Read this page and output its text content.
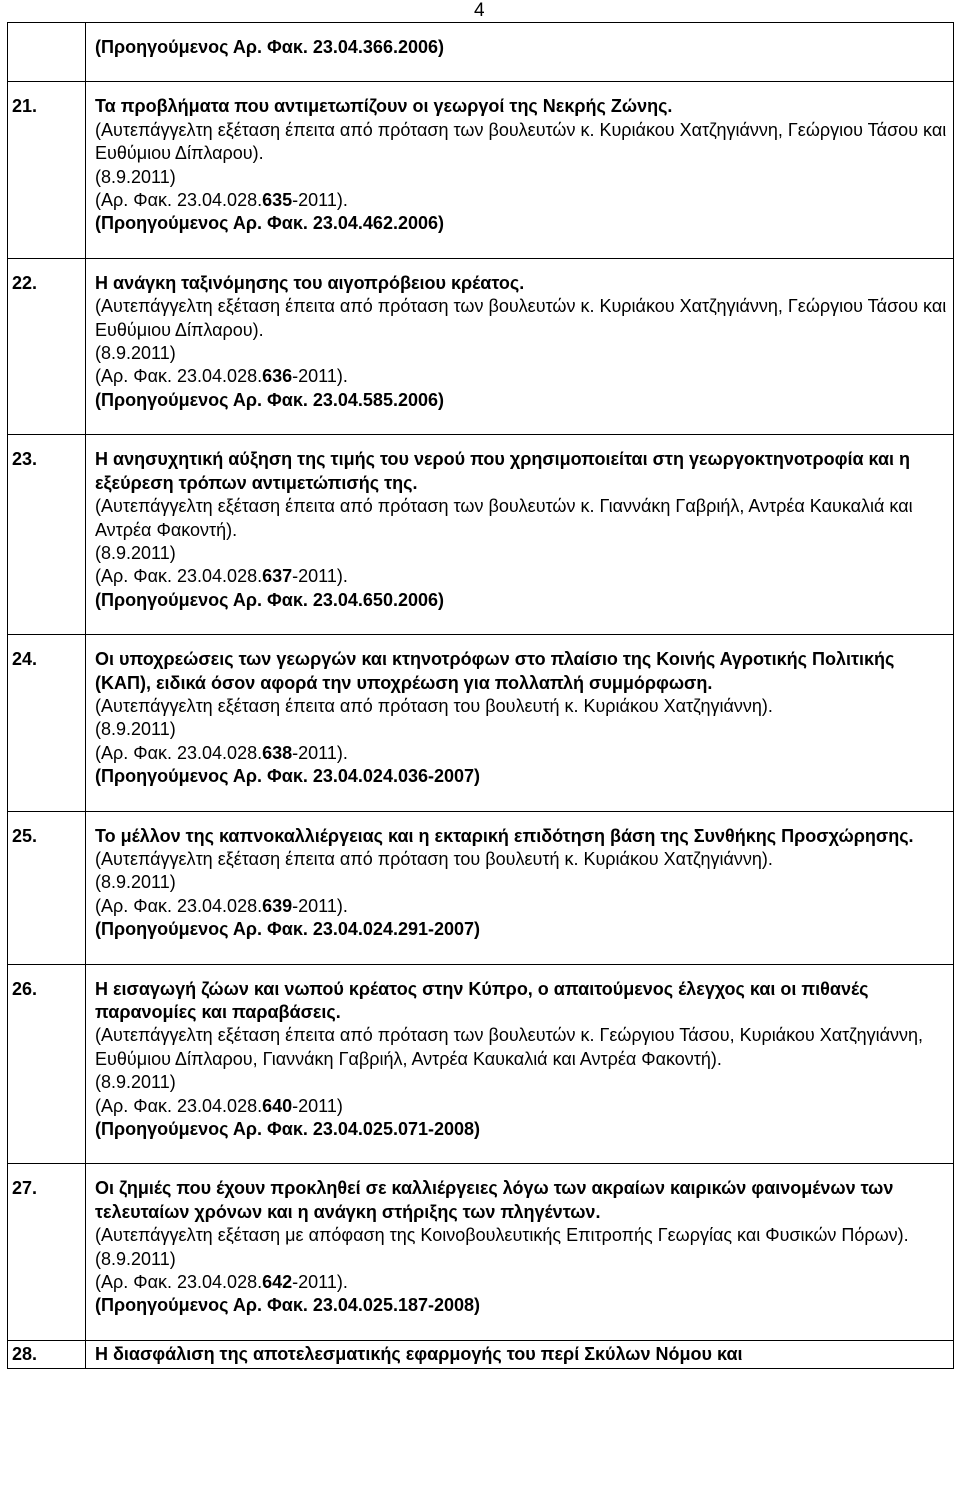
4

	(Προηγούμενος Αρ. Φακ. 23.04.366.2006)

21.	Τα προβλήματα που αντιμετωπίζουν οι γεωργοί της Νεκρής Ζώνης.
(Αυτεπάγγελτη εξέταση έπειτα από πρόταση των βουλευτών κ. Κυριάκου Χατζηγιάννη, Γεώργιου Τάσου και Ευθύμιου Δίπλαρου).
(8.9.2011)
(Αρ. Φακ. 23.04.028.635-2011).
(Προηγούμενος Αρ. Φακ. 23.04.462.2006)

22.	Η ανάγκη ταξινόμησης του αιγοπρόβειου κρέατος.
(Αυτεπάγγελτη εξέταση έπειτα από πρόταση των βουλευτών κ. Κυριάκου Χατζηγιάννη, Γεώργιου Τάσου και Ευθύμιου Δίπλαρου).
(8.9.2011)
(Αρ. Φακ. 23.04.028.636-2011).
(Προηγούμενος Αρ. Φακ. 23.04.585.2006)

23.	Η ανησυχητική αύξηση της τιμής του νερού που χρησιμοποιείται στη γεωργοκτηνοτροφία και η εξεύρεση τρόπων αντιμετώπισής της.
(Αυτεπάγγελτη εξέταση έπειτα από πρόταση των βουλευτών κ. Γιαννάκη Γαβριήλ, Αντρέα Καυκαλιά και Αντρέα Φακοντή).
(8.9.2011)
(Αρ. Φακ. 23.04.028.637-2011).
(Προηγούμενος Αρ. Φακ. 23.04.650.2006)

24.	Οι υποχρεώσεις των γεωργών και κτηνοτρόφων στο πλαίσιο της Κοινής Αγροτικής Πολιτικής (ΚΑΠ), ειδικά όσον αφορά την υποχρέωση για πολλαπλή συμμόρφωση.
(Αυτεπάγγελτη εξέταση έπειτα από πρόταση του βουλευτή κ. Κυριάκου Χατζηγιάννη).
(8.9.2011)
(Αρ. Φακ. 23.04.028.638-2011).
(Προηγούμενος Αρ. Φακ. 23.04.024.036-2007)

25.	Το μέλλον της καπνοκαλλιέργειας και η εκταρική επιδότηση βάση της Συνθήκης Προσχώρησης.
(Αυτεπάγγελτη εξέταση έπειτα από πρόταση του βουλευτή κ. Κυριάκου Χατζηγιάννη).
(8.9.2011)
(Αρ. Φακ. 23.04.028.639-2011).
(Προηγούμενος Αρ. Φακ. 23.04.024.291-2007)

26.	Η εισαγωγή ζώων και νωπού κρέατος στην Κύπρο, ο απαιτούμενος έλεγχος και οι πιθανές παρανομίες και παραβάσεις.
(Αυτεπάγγελτη εξέταση έπειτα από πρόταση των βουλευτών κ. Γεώργιου Τάσου, Κυριάκου Χατζηγιάννη, Ευθύμιου Δίπλαρου, Γιαννάκη Γαβριήλ, Αντρέα Καυκαλιά και Αντρέα Φακοντή).
(8.9.2011)
(Αρ. Φακ. 23.04.028.640-2011)
(Προηγούμενος Αρ. Φακ. 23.04.025.071-2008)

27.	Οι ζημιές που έχουν προκληθεί σε καλλιέργειες λόγω των ακραίων καιρικών φαινομένων των τελευταίων χρόνων και η ανάγκη στήριξης των πληγέντων.
(Αυτεπάγγελτη εξέταση με απόφαση της Κοινοβουλευτικής Επιτροπής Γεωργίας και Φυσικών Πόρων).
(8.9.2011)
(Αρ. Φακ. 23.04.028.642-2011).
(Προηγούμενος Αρ. Φακ. 23.04.025.187-2008)

28.	Η διασφάλιση της αποτελεσματικής εφαρμογής του περί Σκύλων Νόμου και
